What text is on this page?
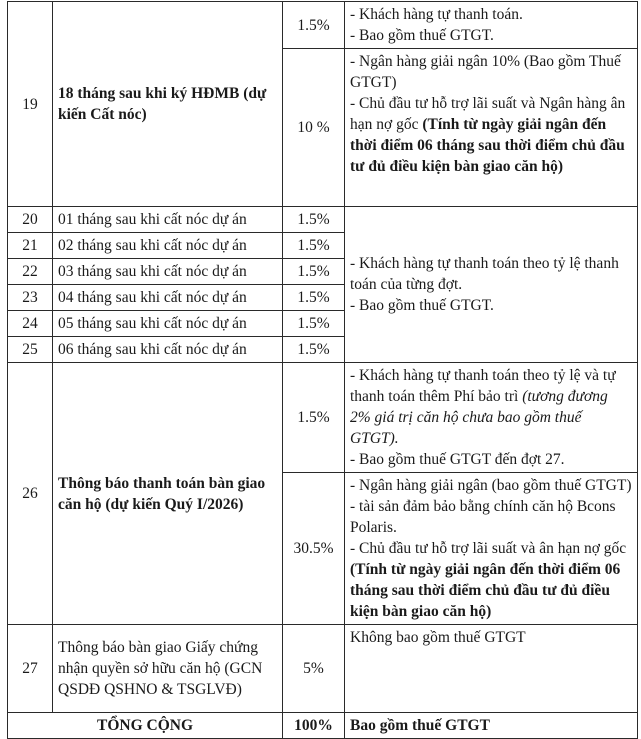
19	18 tháng sau khi ký HĐMB (dự kiến Cất nóc)	1.5%	- Khách hàng tự thanh toán.
- Bao gồm thuế GTGT.

		10 %	- Ngân hàng giải ngân 10% (Bao gồm Thuế GTGT)
- Chủ đầu tư hỗ trợ lãi suất và Ngân hàng ân hạn nợ gốc (Tính từ ngày giải ngân đến thời điểm 06 tháng sau thời điểm chủ đầu tư đủ điều kiện bàn giao căn hộ)

20	01 tháng sau khi cất nóc dự án	1.5%	- Khách hàng tự thanh toán theo tỷ lệ thanh toán của từng đợt.
- Bao gồm thuế GTGT.

21	02 tháng sau khi cất nóc dự án	1.5%	
22	03 tháng sau khi cất nóc dự án	1.5%	
23	04 tháng sau khi cất nóc dự án	1.5%	
24	05 tháng sau khi cất nóc dự án	1.5%	
25	06 tháng sau khi cất nóc dự án	1.5%	
26	Thông báo thanh toán bàn giao căn hộ (dự kiến Quý I/2026)	1.5%	- Khách hàng tự thanh toán theo tỷ lệ và tự thanh toán thêm Phí bảo trì (tương đương 2% giá trị căn hộ chưa bao gồm thuế GTGT).
- Bao gồm thuế GTGT đến đợt 27.

		30.5%	- Ngân hàng giải ngân (bao gồm thuế GTGT) - tài sản đảm bảo bằng chính căn hộ Bcons Polaris.
- Chủ đầu tư hỗ trợ lãi suất và ân hạn nợ gốc (Tính từ ngày giải ngân đến thời điểm 06 tháng sau thời điểm chủ đầu tư đủ điều kiện bàn giao căn hộ)

27	Thông báo bàn giao Giấy chứng nhận quyền sở hữu căn hộ (GCN QSDĐ QSHNO & TSGLVĐ)	5%	Không bao gồm thuế GTGT
TỔNG CỘNG		100%	Bao gồm thuế GTGT
